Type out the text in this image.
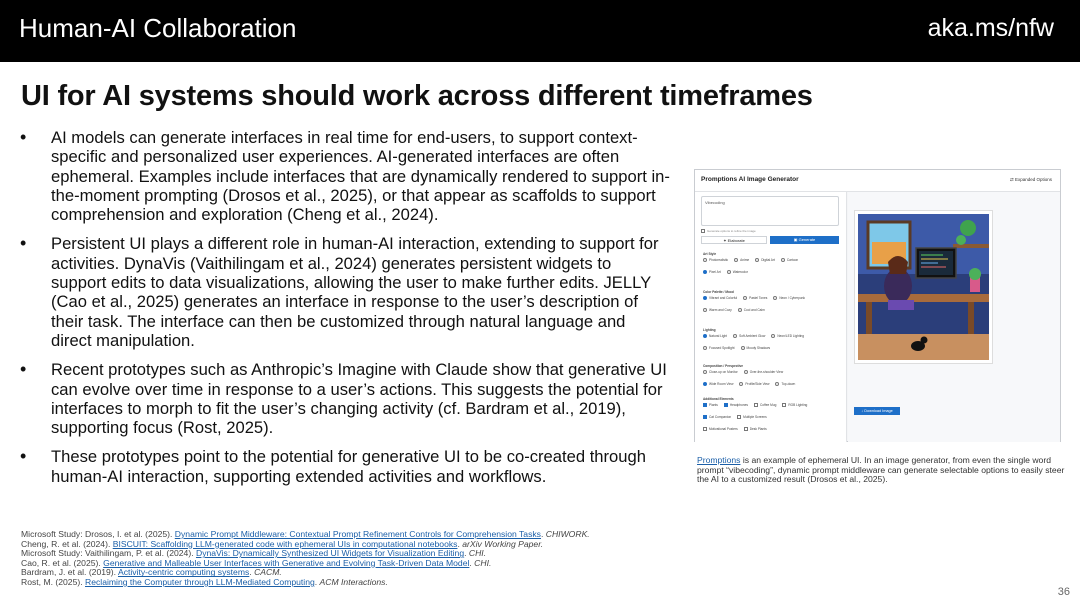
Human-AI Collaboration	aka.ms/nfw
UI for AI systems should work across different timeframes
• AI models can generate interfaces in real time for end-users, to support context-specific and personalized user experiences. AI-generated interfaces are often ephemeral. Examples include interfaces that are dynamically rendered to support in-the-moment prompting (Drosos et al., 2025), or that appear as scaffolds to support comprehension and exploration (Cheng et al., 2024).
• Persistent UI plays a different role in human-AI interaction, extending to support for activities. DynaVis (Vaithilingam et al., 2024) generates persistent widgets to support edits to data visualizations, allowing the user to make further edits. JELLY (Cao et al., 2025) generates an interface in response to the user’s description of their task. The interface can then be customized through natural language and direct manipulation.
• Recent prototypes such as Anthropic’s Imagine with Claude show that generative UI can evolve over time in response to a user’s actions. This suggests the potential for interfaces to morph to fit the user’s changing activity (cf. Bardram et al., 2019), supporting focus (Rost, 2025).
• These prototypes point to the potential for generative UI to be co-created through human-AI interaction, supporting extended activities and workflows.
Promptions AI Image Generator	⇄ Expanded Options
Vibecoding
Generate options to refine the image
✦ Elaborate	▣ Generate
Art Style
Photorealistic	Anime	Digital Art	Cartoon
Pixel Art	Watercolor
Color Palette / Mood
Vibrant and Colorful	Pastel Tones	Neon / Cyberpunk
Warm and Cozy	Cool and Calm
Lighting
Natural Light	Soft Ambient Glow	Neon/LED Lighting
Focused Spotlight	Moody Shadows
Composition / Perspective
Close-up on Monitor	Over-the-shoulder View
Wide Room View	Profile/Side View	Top-down
Additional Elements
Plants	Headphones	Coffee Mug	RGB Lighting
Cat Companion	Multiple Screens
Motivational Posters	Desk Plants
↓ Download Image
Promptions is an example of ephemeral UI. In an image generator, from even the single word prompt “vibecoding”, dynamic prompt middleware can generate selectable options to easily steer the AI to a customized result (Drosos et al., 2025).
Microsoft Study: Drosos, I. et al. (2025). Dynamic Prompt Middleware: Contextual Prompt Refinement Controls for Comprehension Tasks. CHIWORK.
Cheng, R. et al. (2024). BISCUIT: Scaffolding LLM-generated code with ephemeral UIs in computational notebooks. arXiv Working Paper.
Microsoft Study: Vaithilingam, P. et al. (2024). DynaVis: Dynamically Synthesized UI Widgets for Visualization Editing. CHI.
Cao, R. et al. (2025). Generative and Malleable User Interfaces with Generative and Evolving Task-Driven Data Model. CHI.
Bardram, J. et al. (2019). Activity-centric computing systems. CACM.
Rost, M. (2025). Reclaiming the Computer through LLM-Mediated Computing. ACM Interactions.
36
